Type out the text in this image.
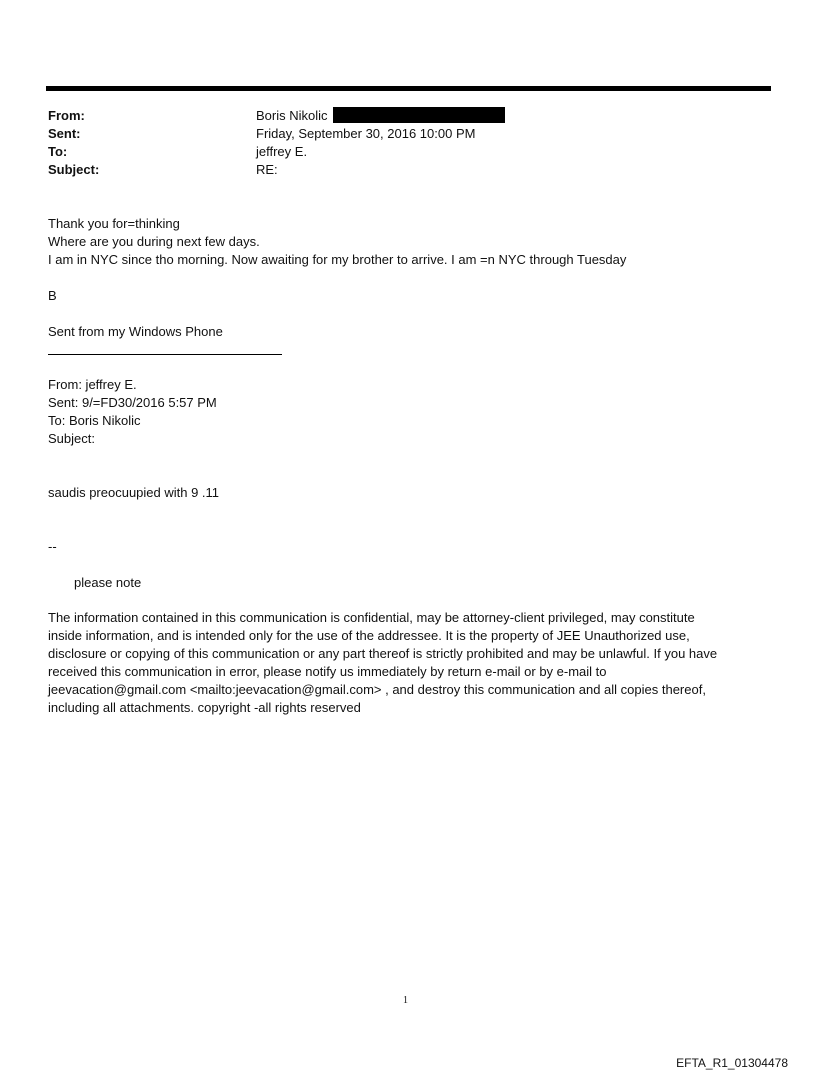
From:	Boris Nikolic
Sent:	Friday, September 30, 2016 10:00 PM
To:	jeffrey E.
Subject:	RE:
Thank you for=thinking
Where are you during next few days.
I am in NYC since tho morning. Now awaiting for my brother to arrive. I am =n NYC through Tuesday
B
Sent from my Windows Phone
From: jeffrey E.
Sent: 9/=FD30/2016 5:57 PM
To: Boris Nikolic
Subject:
saudis preocuupied with 9 .11
--
please note
The information contained in this communication is confidential, may be attorney-client privileged, may constitute
inside information, and is intended only for the use of the addressee. It is the property of JEE Unauthorized use,
disclosure or copying of this communication or any part thereof is strictly prohibited and may be unlawful. If you have
received this communication in error, please notify us immediately by return e-mail or by e-mail to
jeevacation@gmail.com <mailto:jeevacation@gmail.com> , and destroy this communication and all copies thereof,
including all attachments. copyright -all rights reserved
1
EFTA_R1_01304478
